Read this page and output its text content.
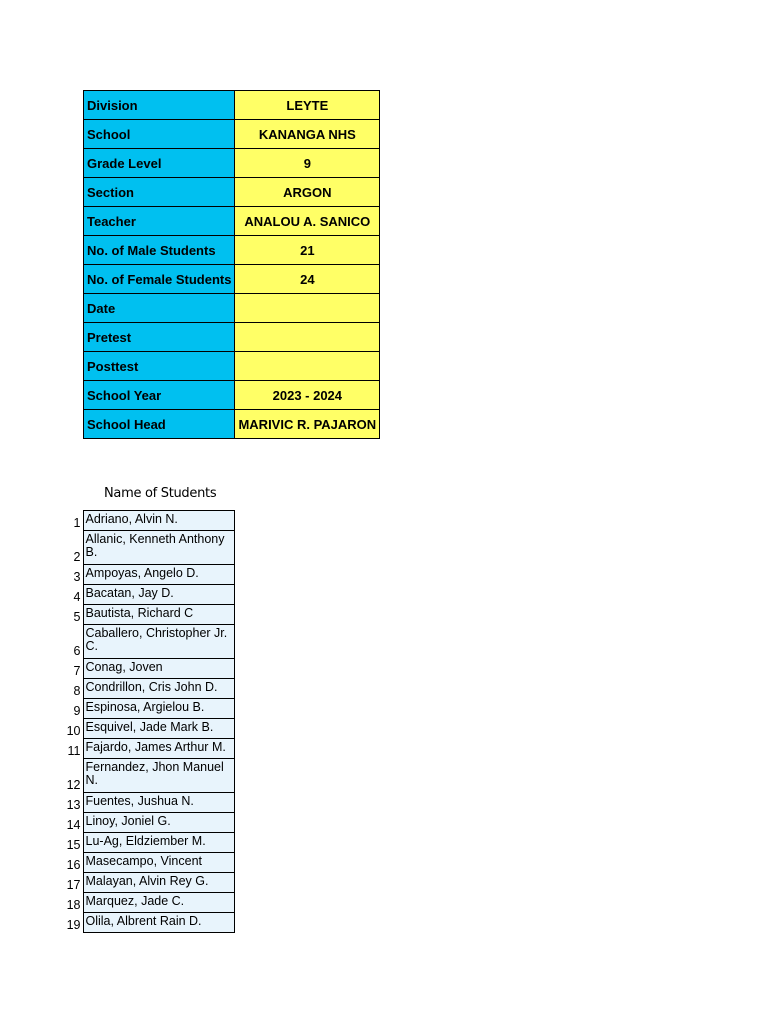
Division	LEYTE
School	KANANGA NHS
Grade Level	9
Section	ARGON
Teacher	ANALOU A. SANICO
No. of Male Students	21
No. of Female Students	24
Date	
Pretest	
Posttest	
School Year	2023 - 2024
School Head	MARIVIC R. PAJARON
Name of Students
1	Adriano, Alvin N.
2	Allanic, Kenneth Anthony B.
3	Ampoyas, Angelo D.
4	Bacatan, Jay D.
5	Bautista, Richard C
6	Caballero, Christopher Jr. C.
7	Conag, Joven
8	Condrillon, Cris John D.
9	Espinosa, Argielou B.
10	Esquivel, Jade Mark B.
11	Fajardo, James Arthur M.
12	Fernandez, Jhon Manuel N.
13	Fuentes, Jushua N.
14	Linoy, Joniel G.
15	Lu-Ag, Eldziember M.
16	Masecampo, Vincent
17	Malayan, Alvin Rey G.
18	Marquez, Jade C.
19	Olila, Albrent Rain D.
